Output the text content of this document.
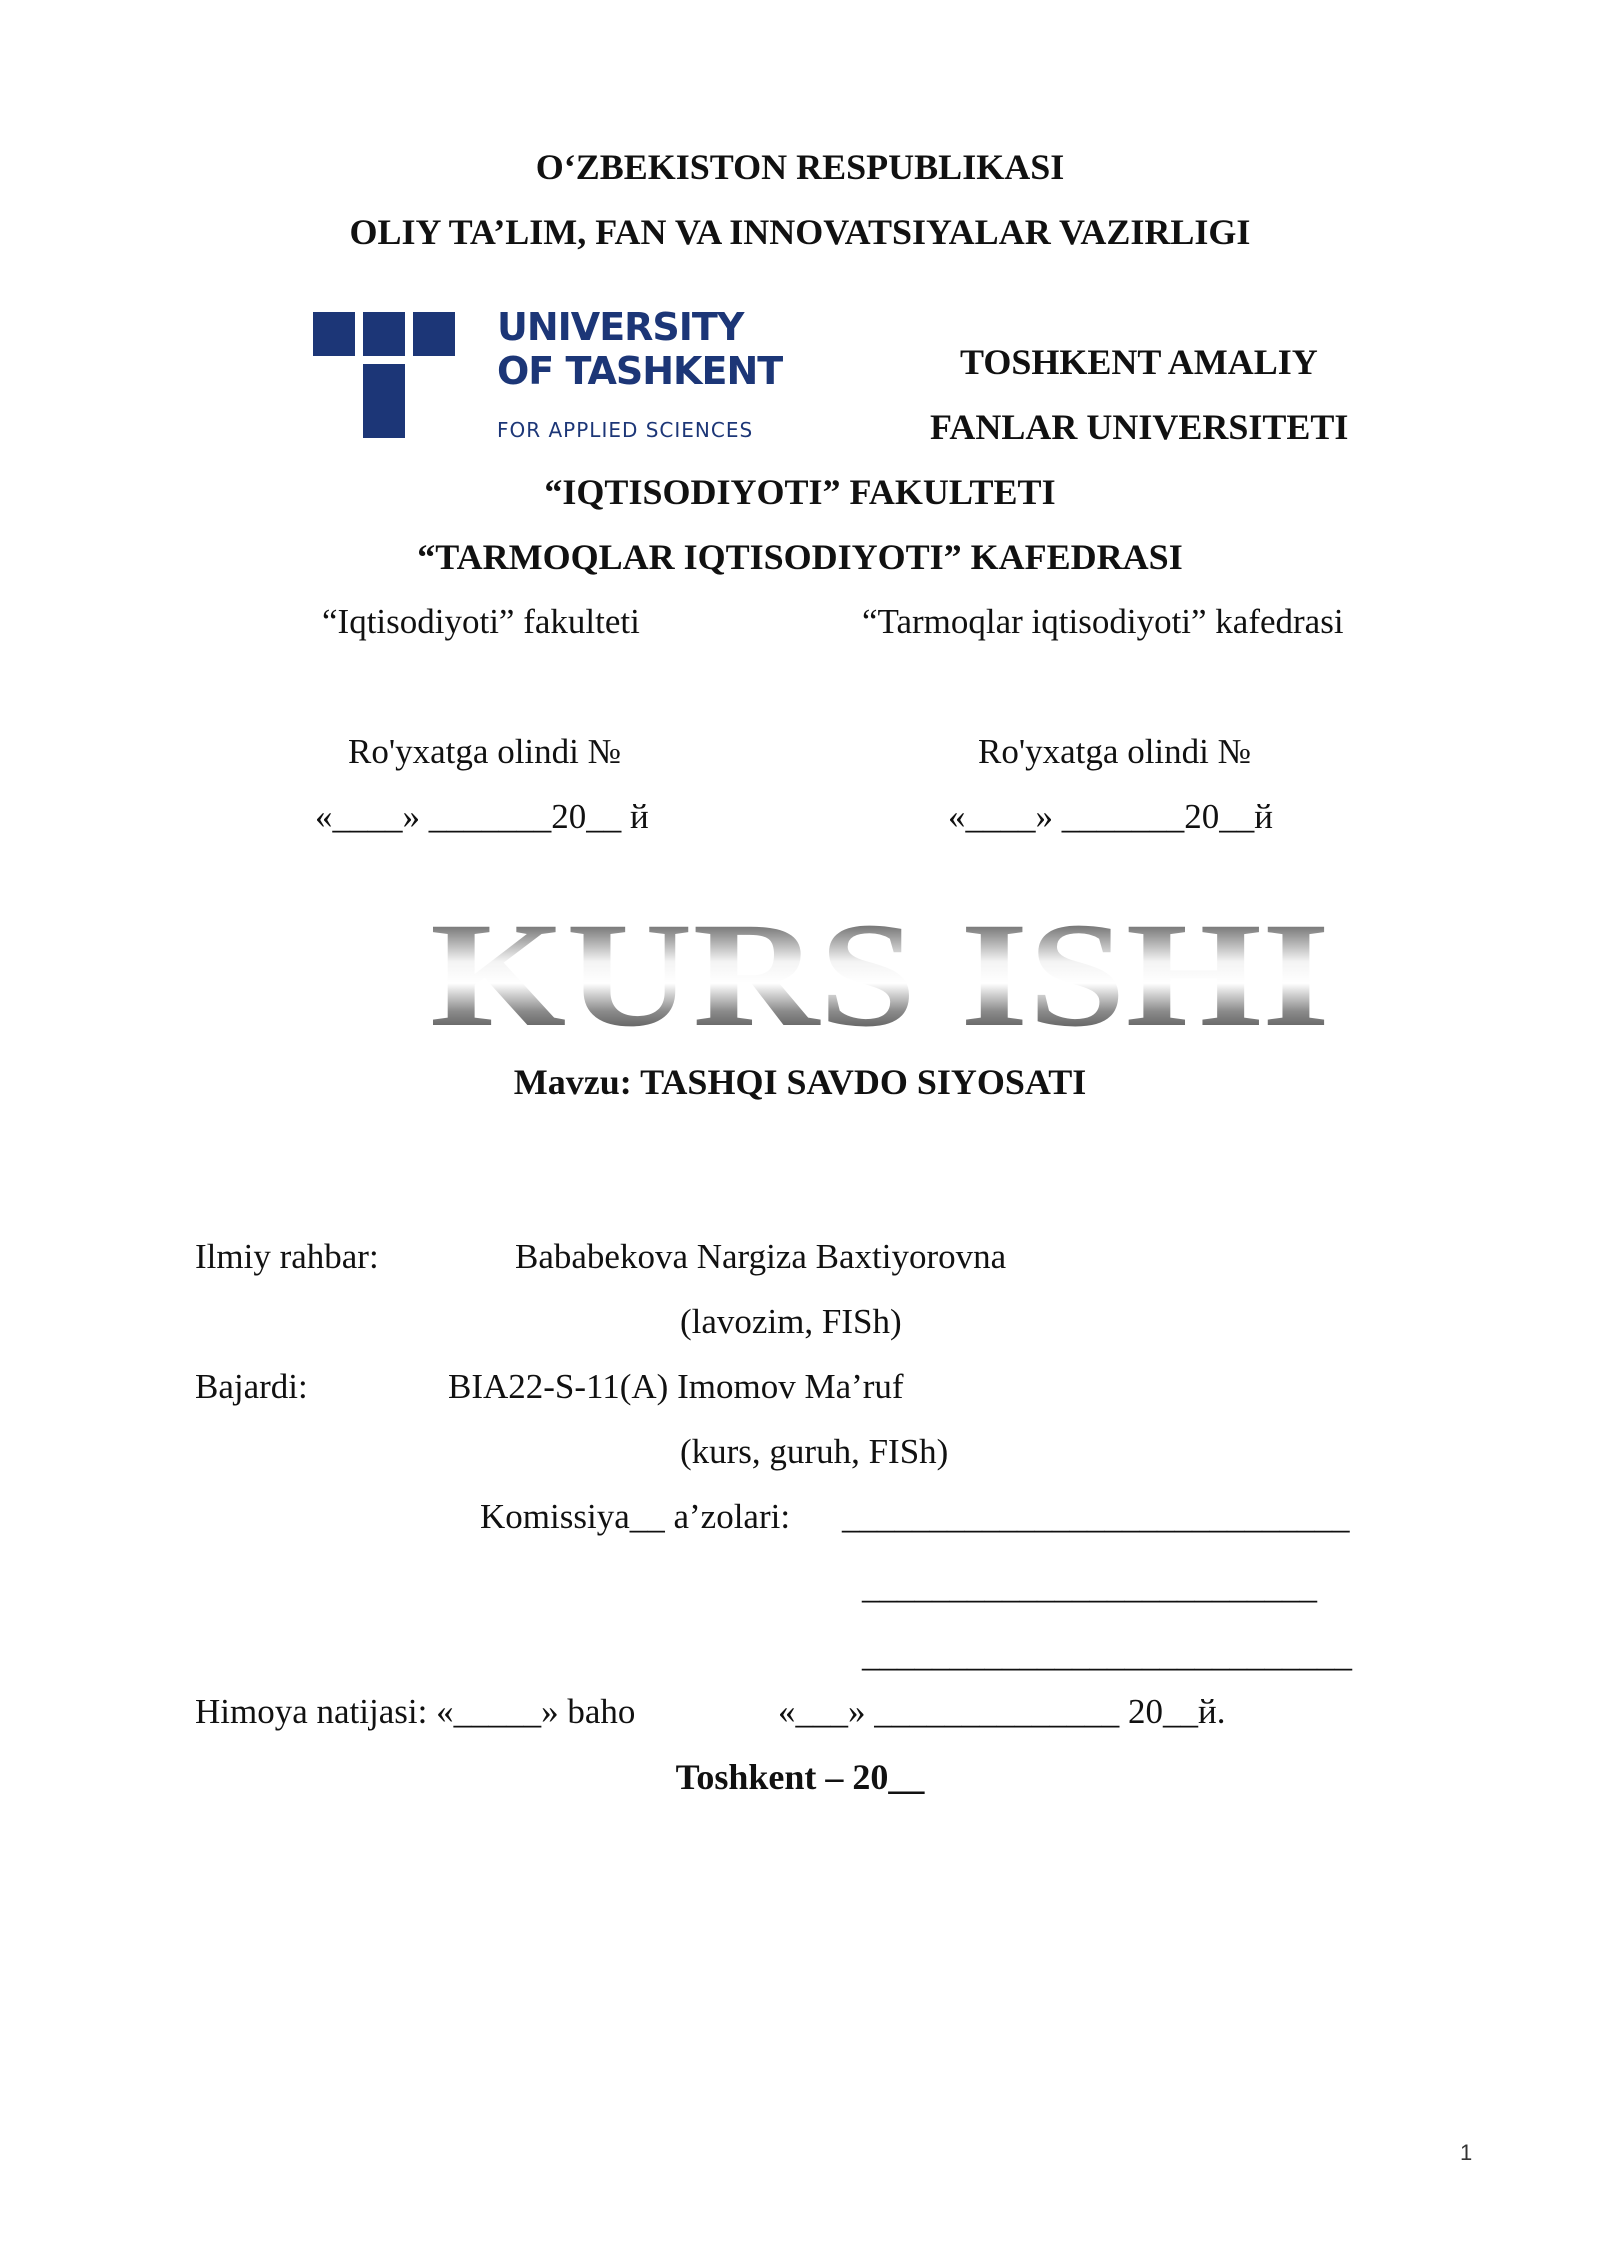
O‘ZBEKISTON RESPUBLIKASI
OLIY TA’LIM, FAN VA INNOVATSIYALAR VAZIRLIGI
UNIVERSITY
OF TASHKENT
FOR APPLIED SCIENCES
TOSHKENT AMALIY
FANLAR UNIVERSITETI
“IQTISODIYOTI” FAKULTETI
“TARMOQLAR IQTISODIYOTI” KAFEDRASI
“Iqtisodiyoti” fakulteti	“Tarmoqlar iqtisodiyoti” kafedrasi
Ro'yxatga olindi №	Ro'yxatga olindi №
«____» _______20__ й	«____» _______20__й
KURS ISHI
Mavzu: TASHQI SAVDO SIYOSATI
Ilmiy rahbar:	Bababekova Nargiza Baxtiyorovna
(lavozim, FISh)
Bajardi:	BIA22-S-11(A) Imomov Ma’ruf
(kurs, guruh, FISh)
Komissiya__ a’zolari: _____________________________
__________________________
____________________________
Himoya natijasi: «_____» baho	«___» ______________ 20__й.
Toshkent – 20__
1
